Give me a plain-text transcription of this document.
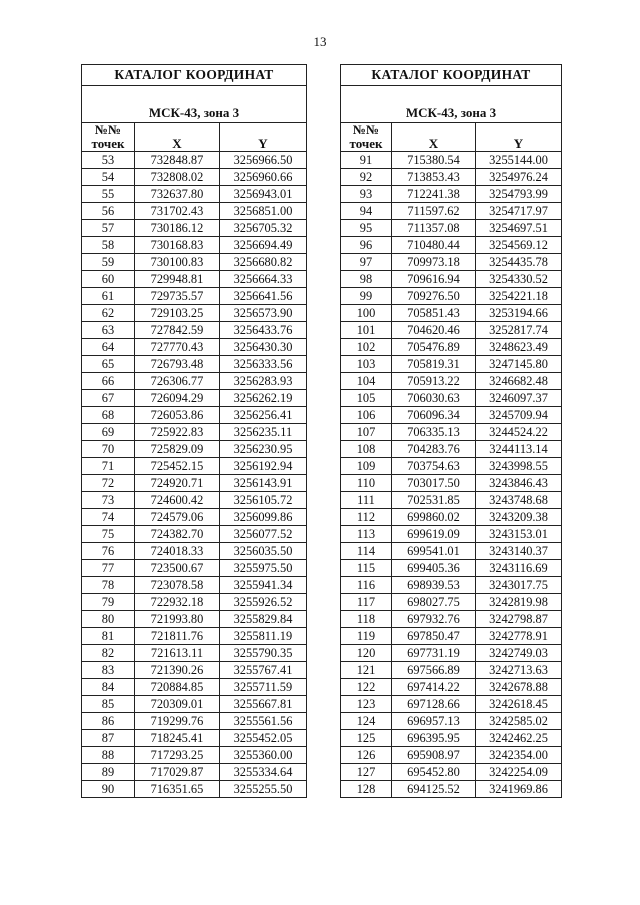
13
КАТАЛОГ КООРДИНАТ		
МСК-43, зона 3		

№№
точек	X	Y
53	732848.87	3256966.50
54	732808.02	3256960.66
55	732637.80	3256943.01
56	731702.43	3256851.00
57	730186.12	3256705.32
58	730168.83	3256694.49
59	730100.83	3256680.82
60	729948.81	3256664.33
61	729735.57	3256641.56
62	729103.25	3256573.90
63	727842.59	3256433.76
64	727770.43	3256430.30
65	726793.48	3256333.56
66	726306.77	3256283.93
67	726094.29	3256262.19
68	726053.86	3256256.41
69	725922.83	3256235.11
70	725829.09	3256230.95
71	725452.15	3256192.94
72	724920.71	3256143.91
73	724600.42	3256105.72
74	724579.06	3256099.86
75	724382.70	3256077.52
76	724018.33	3256035.50
77	723500.67	3255975.50
78	723078.58	3255941.34
79	722932.18	3255926.52
80	721993.80	3255829.84
81	721811.76	3255811.19
82	721613.11	3255790.35
83	721390.26	3255767.41
84	720884.85	3255711.59
85	720309.01	3255667.81
86	719299.76	3255561.56
87	718245.41	3255452.05
88	717293.25	3255360.00
89	717029.87	3255334.64
90	716351.65	3255255.50
КАТАЛОГ КООРДИНАТ		
МСК-43, зона 3		

№№
точек	X	Y
91	715380.54	3255144.00
92	713853.43	3254976.24
93	712241.38	3254793.99
94	711597.62	3254717.97
95	711357.08	3254697.51
96	710480.44	3254569.12
97	709973.18	3254435.78
98	709616.94	3254330.52
99	709276.50	3254221.18
100	705851.43	3253194.66
101	704620.46	3252817.74
102	705476.89	3248623.49
103	705819.31	3247145.80
104	705913.22	3246682.48
105	706030.63	3246097.37
106	706096.34	3245709.94
107	706335.13	3244524.22
108	704283.76	3244113.14
109	703754.63	3243998.55
110	703017.50	3243846.43
111	702531.85	3243748.68
112	699860.02	3243209.38
113	699619.09	3243153.01
114	699541.01	3243140.37
115	699405.36	3243116.69
116	698939.53	3243017.75
117	698027.75	3242819.98
118	697932.76	3242798.87
119	697850.47	3242778.91
120	697731.19	3242749.03
121	697566.89	3242713.63
122	697414.22	3242678.88
123	697128.66	3242618.45
124	696957.13	3242585.02
125	696395.95	3242462.25
126	695908.97	3242354.00
127	695452.80	3242254.09
128	694125.52	3241969.86
